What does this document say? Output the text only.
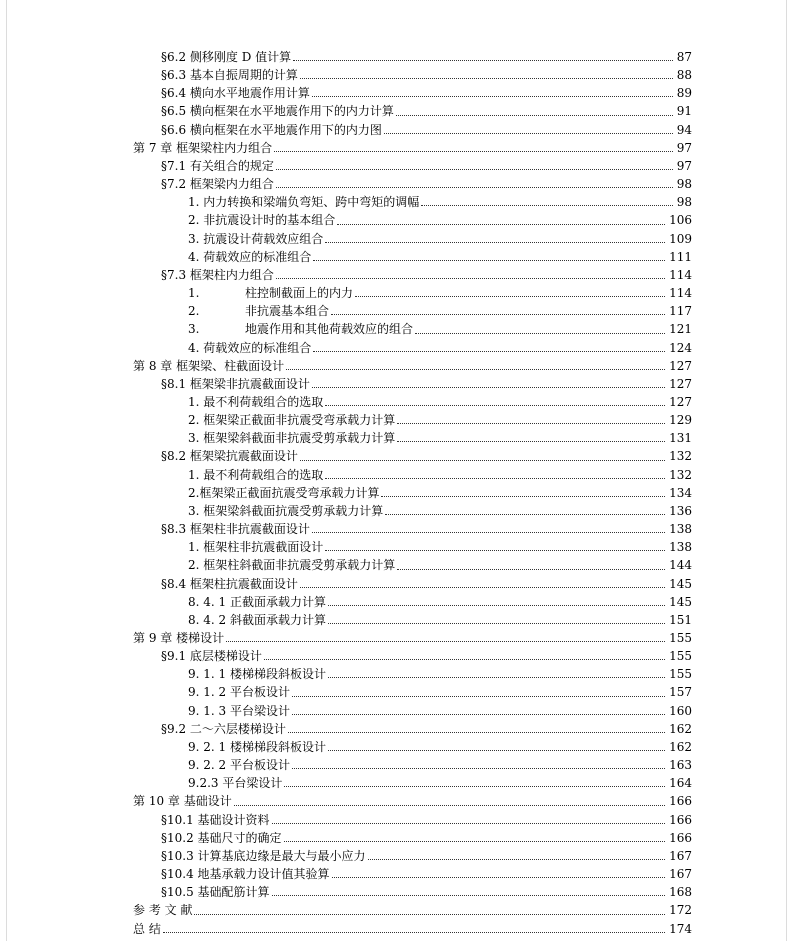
§6.2 侧移刚度 D 值计算	87
§6.3 基本自振周期的计算	88
§6.4 横向水平地震作用计算	89
§6.5 横向框架在水平地震作用下的内力计算	91
§6.6 横向框架在水平地震作用下的内力图	94
第 7 章 框架梁柱内力组合	97
§7.1 有关组合的规定	97
§7.2 框架梁内力组合	98
1. 内力转换和梁端负弯矩、跨中弯矩的调幅	98
2. 非抗震设计时的基本组合	106
3. 抗震设计荷载效应组合	109
4. 荷载效应的标准组合	111
§7.3 框架柱内力组合	114
1.	柱控制截面上的内力	114
2.	非抗震基本组合	117
3.	地震作用和其他荷载效应的组合	121
4. 荷载效应的标准组合	124
第 8 章 框架梁、柱截面设计	127
§8.1 框架梁非抗震截面设计	127
1. 最不利荷载组合的选取	127
2. 框架梁正截面非抗震受弯承载力计算	129
3. 框架梁斜截面非抗震受剪承载力计算	131
§8.2 框架梁抗震截面设计	132
1. 最不利荷载组合的选取	132
2.框架梁正截面抗震受弯承载力计算	134
3. 框架梁斜截面抗震受剪承载力计算	136
§8.3 框架柱非抗震截面设计	138
1. 框架柱非抗震截面设计	138
2. 框架柱斜截面非抗震受剪承载力计算	144
§8.4 框架柱抗震截面设计	145
8. 4. 1 正截面承载力计算	145
8. 4. 2 斜截面承载力计算	151
第 9 章 楼梯设计	155
§9.1 底层楼梯设计	155
9. 1. 1 楼梯梯段斜板设计	155
9. 1. 2 平台板设计	157
9. 1. 3 平台梁设计	160
§9.2 二～六层楼梯设计	162
9. 2. 1 楼梯梯段斜板设计	162
9. 2. 2 平台板设计	163
9.2.3 平台梁设计	164
第 10 章 基础设计	166
§10.1 基础设计资料	166
§10.2 基础尺寸的确定	166
§10.3 计算基底边缘是最大与最小应力	167
§10.4 地基承载力设计值其验算	167
§10.5 基础配筋计算	168
参 考 文 献	172
总 结	174
